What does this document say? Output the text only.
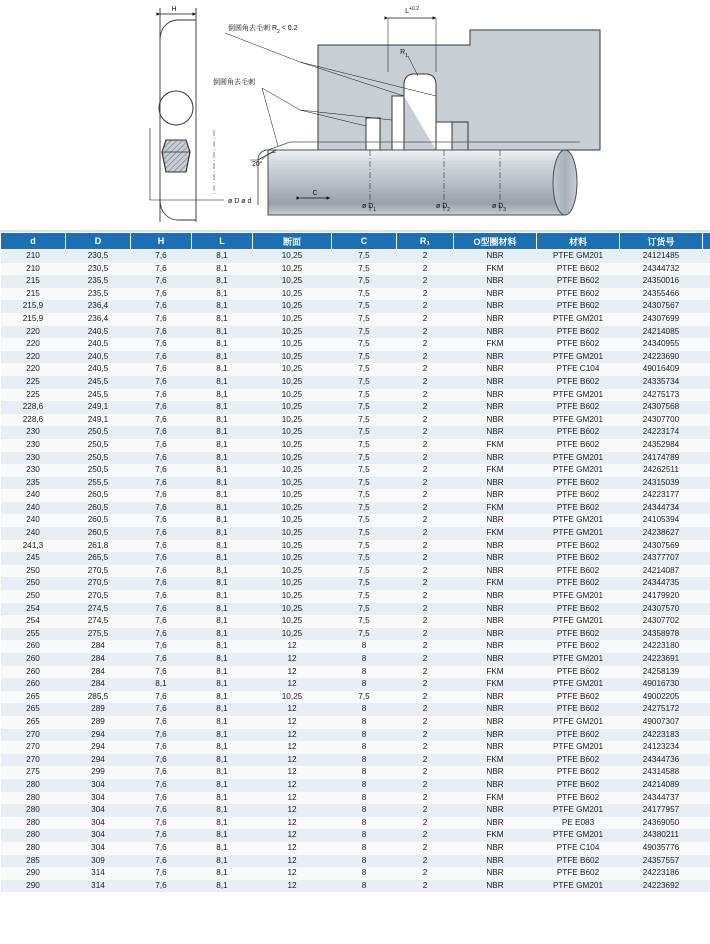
H
ø D ø d
$L^{+0,2}$
$R_1$
倒圆角去毛刺 $R_2 < 0.2$
倒圆角去毛刺
20°
C
ø $D_1$	ø $D_2$	ø $D_3$
d	D	H	L	断面	C	R₁	O型圈材料	材料	订货号	
210	230,5	7,6	8,1	10,25	7,5	2	NBR	PTFE GM201	24121485	
210	230,5	7,6	8,1	10,25	7,5	2	FKM	PTFE B602	24344732	
215	235,5	7,6	8,1	10,25	7,5	2	NBR	PTFE B602	24350016	
215	235,5	7,6	8,1	10,25	7,5	2	NBR	PTFE B602	24355466	
215,9	236,4	7,6	8,1	10,25	7,5	2	NBR	PTFE B602	24307567	
215,9	236,4	7,6	8,1	10,25	7,5	2	NBR	PTFE GM201	24307699	
220	240,5	7,6	8,1	10,25	7,5	2	NBR	PTFE B602	24214085	
220	240,5	7,6	8,1	10,25	7,5	2	FKM	PTFE B602	24340955	
220	240,5	7,6	8,1	10,25	7,5	2	NBR	PTFE GM201	24223690	
220	240,5	7,6	8,1	10,25	7,5	2	NBR	PTFE C104	49016409	
225	245,5	7,6	8,1	10,25	7,5	2	NBR	PTFE B602	24335734	
225	245,5	7,6	8,1	10,25	7,5	2	NBR	PTFE GM201	24275173	
228,6	249,1	7,6	8,1	10,25	7,5	2	NBR	PTFE B602	24307568	
228,6	249,1	7,6	8,1	10,25	7,5	2	NBR	PTFE GM201	24307700	
230	250,5	7,6	8,1	10,25	7,5	2	NBR	PTFE B602	24223174	
230	250,5	7,6	8,1	10,25	7,5	2	FKM	PTFE B602	24352984	
230	250,5	7,6	8,1	10,25	7,5	2	NBR	PTFE GM201	24174789	
230	250,5	7,6	8,1	10,25	7,5	2	FKM	PTFE GM201	24262511	
235	255,5	7,6	8,1	10,25	7,5	2	NBR	PTFE B602	24315039	
240	260,5	7,6	8,1	10,25	7,5	2	NBR	PTFE B602	24223177	
240	260,5	7,6	8,1	10,25	7,5	2	FKM	PTFE B602	24344734	
240	260,5	7,6	8,1	10,25	7,5	2	NBR	PTFE GM201	24105394	
240	260,5	7,6	8,1	10,25	7,5	2	FKM	PTFE GM201	24238627	
241,3	261,8	7,6	8,1	10,25	7,5	2	NBR	PTFE B602	24307569	
245	265,5	7,6	8,1	10,25	7,5	2	NBR	PTFE B602	24377707	
250	270,5	7,6	8,1	10,25	7,5	2	NBR	PTFE B602	24214087	
250	270,5	7,6	8,1	10,25	7,5	2	FKM	PTFE B602	24344735	
250	270,5	7,6	8,1	10,25	7,5	2	NBR	PTFE GM201	24179920	
254	274,5	7,6	8,1	10,25	7,5	2	NBR	PTFE B602	24307570	
254	274,5	7,6	8,1	10,25	7,5	2	NBR	PTFE GM201	24307702	
255	275,5	7,6	8,1	10,25	7,5	2	NBR	PTFE B602	24358978	
260	284	7,6	8,1	12	8	2	NBR	PTFE B602	24223180	
260	284	7,6	8,1	12	8	2	NBR	PTFE GM201	24223691	
260	284	7,6	8,1	12	8	2	FKM	PTFE B602	24258139	
260	284	8,1	8,1	12	8	2	FKM	PTFE GM201	49016730	
265	285,5	7,6	8,1	10,25	7,5	2	NBR	PTFE B602	49002205	
265	289	7,6	8,1	12	8	2	NBR	PTFE B602	24275172	
265	289	7,6	8,1	12	8	2	NBR	PTFE GM201	49007307	
270	294	7,6	8,1	12	8	2	NBR	PTFE B602	24223183	
270	294	7,6	8,1	12	8	2	NBR	PTFE GM201	24123234	
270	294	7,6	8,1	12	8	2	FKM	PTFE B602	24344736	
275	299	7,6	8,1	12	8	2	NBR	PTFE B602	24314588	
280	304	7,6	8,1	12	8	2	NBR	PTFE B602	24214089	
280	304	7,6	8,1	12	8	2	FKM	PTFE B602	24344737	
280	304	7,6	8,1	12	8	2	NBR	PTFE GM201	24177957	
280	304	7,6	8,1	12	8	2	NBR	PE E083	24369050	
280	304	7,6	8,1	12	8	2	FKM	PTFE GM201	24380211	
280	304	7,6	8,1	12	8	2	NBR	PTFE C104	49035776	
285	309	7,6	8,1	12	8	2	NBR	PTFE B602	24357557	
290	314	7,6	8,1	12	8	2	NBR	PTFE B602	24223186	
290	314	7,6	8,1	12	8	2	NBR	PTFE GM201	24223692	
